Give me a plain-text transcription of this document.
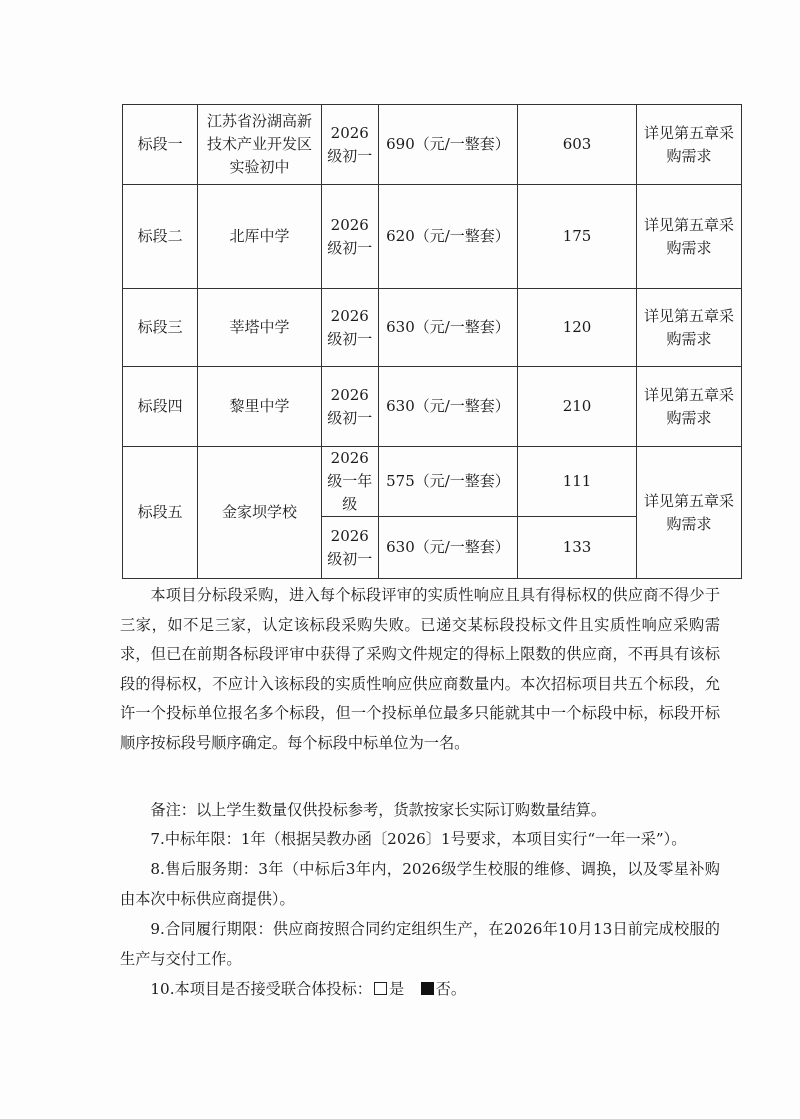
标段一	江苏省汾湖高新技术产业开发区实验初中	2026级初一	690（元/一整套）	603	详见第五章采购需求
标段二	北厍中学	2026级初一	620（元/一整套）	175	详见第五章采购需求
标段三	莘塔中学	2026级初一	630（元/一整套）	120	详见第五章采购需求
标段四	黎里中学	2026级初一	630（元/一整套）	210	详见第五章采购需求
标段五	金家坝学校	2026级一年级	575（元/一整套）	111	详见第五章采购需求
		2026级初一	630（元/一整套）	133	

本项目分标段采购，进入每个标段评审的实质性响应且具有得标权的供应商不得少于三家，如不足三家，认定该标段采购失败。已递交某标段投标文件且实质性响应采购需求，但已在前期各标段评审中获得了采购文件规定的得标上限数的供应商，不再具有该标段的得标权，不应计入该标段的实质性响应供应商数量内。本次招标项目共五个标段，允许一个投标单位报名多个标段，但一个投标单位最多只能就其中一个标段中标，标段开标顺序按标段号顺序确定。每个标段中标单位为一名。

备注：以上学生数量仅供投标参考，货款按家长实际订购数量结算。

7.中标年限：1年（根据吴教办函〔2026〕1号要求，本项目实行“一年一采”）。

8.售后服务期：3年（中标后3年内，2026级学生校服的维修、调换，以及零星补购由本次中标供应商提供）。

9.合同履行期限：供应商按照合同约定组织生产，在2026年10月13日前完成校服的生产与交付工作。

10.本项目是否接受联合体投标： 是 否。
